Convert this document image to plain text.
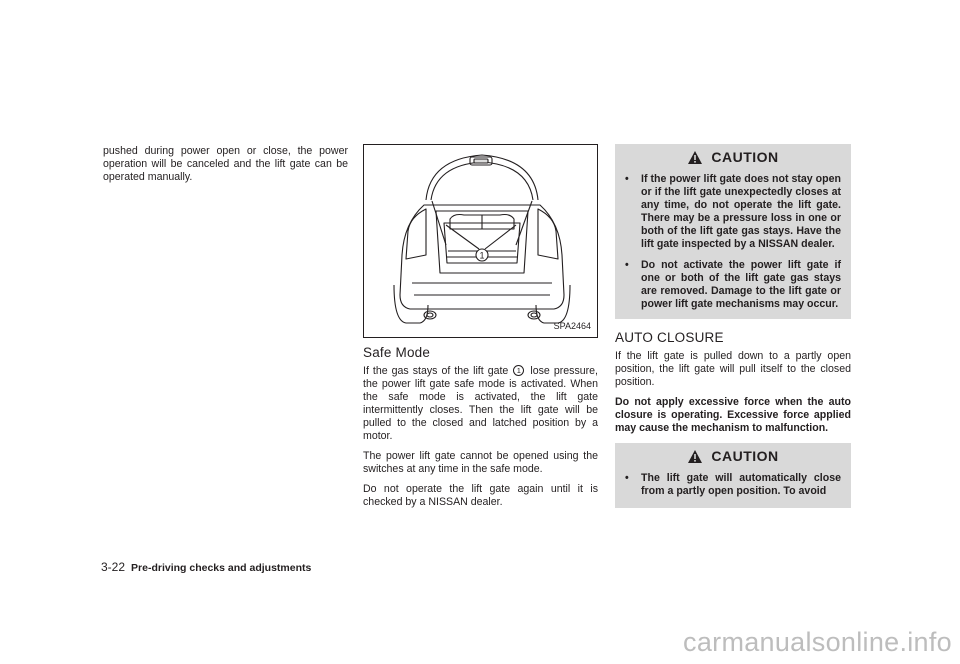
pushed during power open or close, the power operation will be canceled and the lift gate can be operated manually.

1
SPA2464
Safe Mode

If the gas stays of the lift gate 1 lose pressure, the power lift gate safe mode is activated. When the safe mode is activated, the lift gate intermittently closes. Then the lift gate will be pulled to the closed and latched position by a motor.

The power lift gate cannot be opened using the switches at any time in the safe mode.

Do not operate the lift gate again until it is checked by a NISSAN dealer.

CAUTION
•	If the power lift gate does not stay open or if the lift gate unexpectedly closes at any time, do not operate the lift gate. There may be a pressure loss in one or both of the lift gate gas stays. Have the lift gate inspected by a NISSAN dealer.
•	Do not activate the power lift gate if one or both of the lift gate gas stays are removed. Damage to the lift gate or power lift gate mechanisms may occur.
AUTO CLOSURE

If the lift gate is pulled down to a partly open position, the lift gate will pull itself to the closed position.

Do not apply excessive force when the auto closure is operating. Excessive force applied may cause the mechanism to malfunction.

CAUTION
•	The lift gate will automatically close from a partly open position. To avoid
3-22 Pre-driving checks and adjustments
carmanualsonline.info
